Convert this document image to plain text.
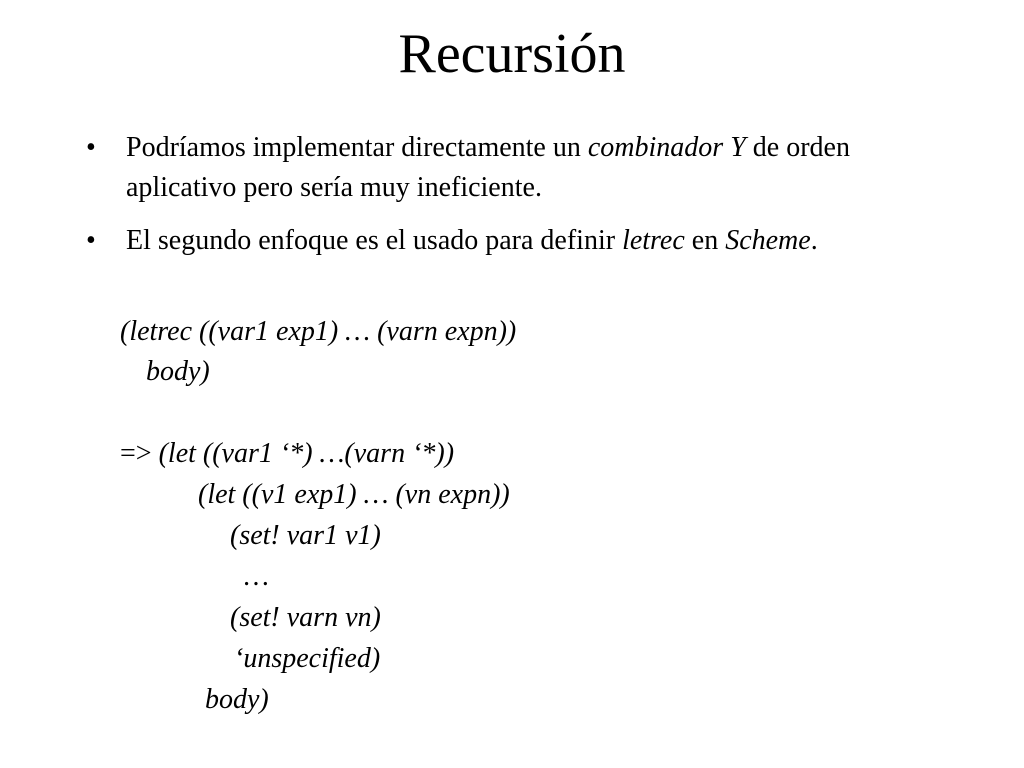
Recursión
• Podríamos implementar directamente un combinador Y de orden aplicativo pero sería muy ineficiente.
• El segundo enfoque es el usado para definir letrec en Scheme.
(letrec ((var1 exp1) … (varn expn))
body)
=> (let ((var1 ‘*) …(varn ‘*))
(let ((v1 exp1) … (vn expn))
(set! var1 v1)
…
(set! varn vn)
‘unspecified)
body)
